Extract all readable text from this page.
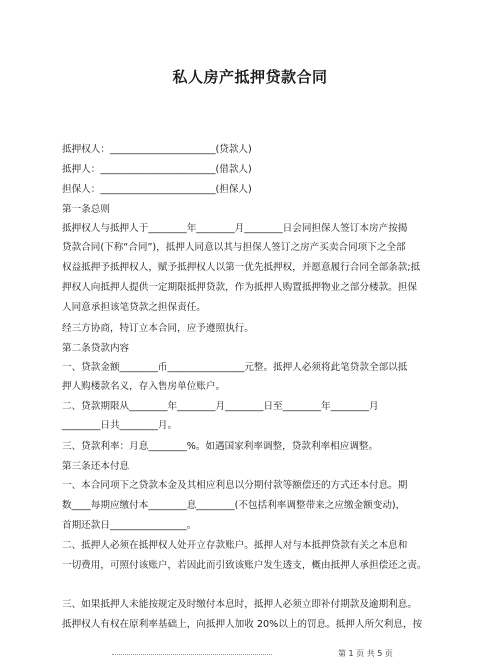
私人房产抵押贷款合同
抵押权人：______________________(贷款人)
抵押人：________________________(借款人)
担保人：________________________(担保人)
第一条总则
抵押权人与抵押人于________年________月________日会同担保人签订本房产按揭
贷款合同(下称“合同”)，抵押人同意以其与担保人签订之房产买卖合同项下之全部
权益抵押予抵押权人，赋予抵押权人以第一优先抵押权，并愿意履行合同全部条款;抵
押权人向抵押人提供一定期限抵押贷款，作为抵押人购置抵押物业之部分楼款。担保
人同意承担该笔贷款之担保责任。
经三方协商，特订立本合同，应予遵照执行。
第二条贷款内容
一、贷款金额________币________________元整。抵押人必须将此笔贷款全部以抵
押人购楼款名义，存入售房单位账户。
二、贷款期限从________年________月________日至________年________月
________日共________月。
三、贷款利率：月息________%。如遇国家利率调整，贷款利率相应调整。
第三条还本付息
一、本合同项下之贷款本金及其相应利息以分期付款等额偿还的方式还本付息。期
数____每期应缴付本________息________(不包括利率调整带来之应缴金额变动)，
首期还款日________________。
二、抵押人必须在抵押权人处开立存款账户。抵押人对与本抵押贷款有关之本息和
一切费用，可照付该账户，若因此而引致该账户发生透支，概由抵押人承担偿还之责。
三、如果抵押人未能按规定及时缴付本息时，抵押人必须立即补付期款及逾期利息。
抵押权人有权在原利率基础上，向抵押人加收 20%以上的罚息。抵押人所欠利息，按
第 1 页 共 5 页
